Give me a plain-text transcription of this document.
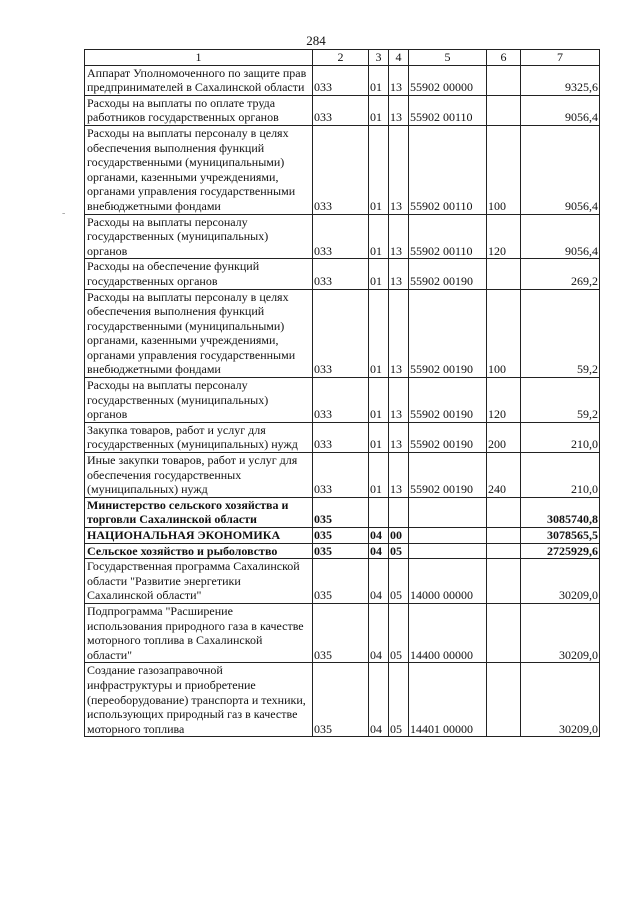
284
1	2	3	4	5	6	7
Аппарат Уполномоченного по защите прав предпринимателей в Сахалинской области	033	01	13	55902 00000		9325,6
Расходы на выплаты по оплате труда работников государственных органов	033	01	13	55902 00110		9056,4
Расходы на выплаты персоналу в целях обеспечения выполнения функций государственными (муниципальными) органами, казенными учреждениями, органами управления государственными внебюджетными фондами	033	01	13	55902 00110	100	9056,4
Расходы на выплаты персоналу государственных (муниципальных) органов	033	01	13	55902 00110	120	9056,4
Расходы на обеспечение функций государственных органов	033	01	13	55902 00190		269,2
Расходы на выплаты персоналу в целях обеспечения выполнения функций государственными (муниципальными) органами, казенными учреждениями, органами управления государственными внебюджетными фондами	033	01	13	55902 00190	100	59,2
Расходы на выплаты персоналу государственных (муниципальных) органов	033	01	13	55902 00190	120	59,2
Закупка товаров, работ и услуг для государственных (муниципальных) нужд	033	01	13	55902 00190	200	210,0
Иные закупки товаров, работ и услуг для обеспечения государственных (муниципальных) нужд	033	01	13	55902 00190	240	210,0
Министерство сельского хозяйства и торговли Сахалинской области	035					3085740,8
НАЦИОНАЛЬНАЯ ЭКОНОМИКА	035	04	00			3078565,5
Сельское хозяйство и рыболовство	035	04	05			2725929,6
Государственная программа Сахалинской области "Развитие энергетики Сахалинской области"	035	04	05	14000 00000		30209,0
Подпрограмма "Расширение использования природного газа в качестве моторного топлива в Сахалинской области"	035	04	05	14400 00000		30209,0
Создание газозаправочной инфраструктуры и приобретение (переоборудование) транспорта и техники, использующих природный газ в качестве моторного топлива	035	04	05	14401 00000		30209,0
-
